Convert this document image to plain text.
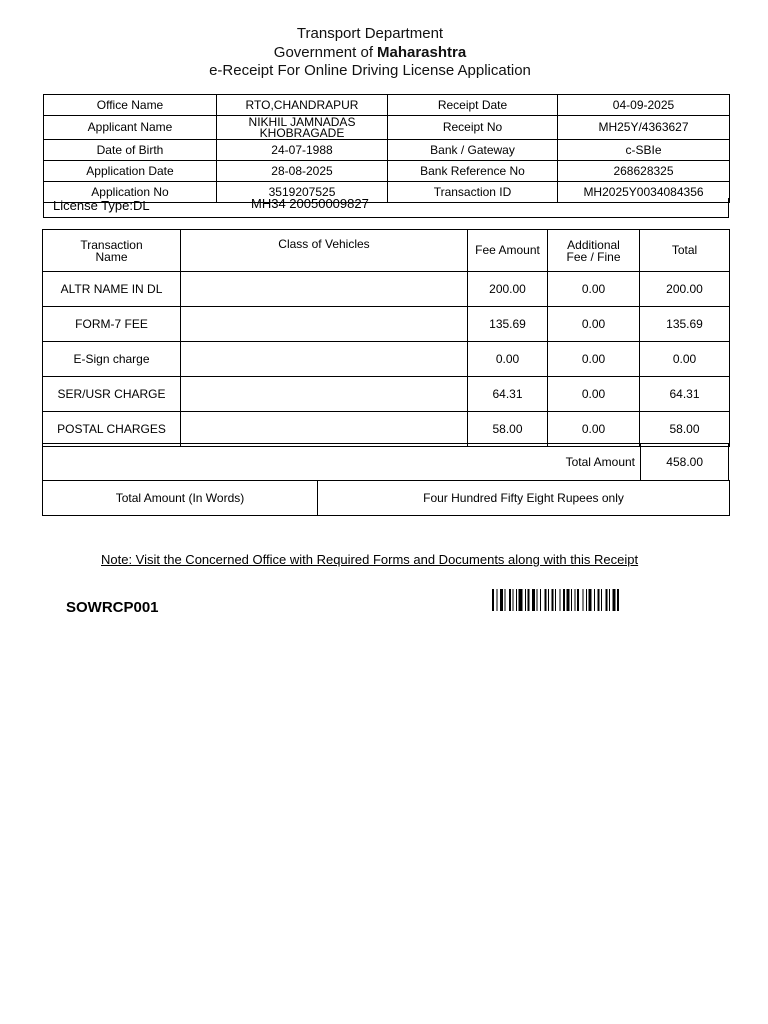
Transport Department
Government of Maharashtra
e-Receipt For Online Driving License Application
Office Name	RTO,CHANDRAPUR	Receipt Date	04-09-2025
Applicant Name	NIKHIL JAMNADAS KHOBRAGADE	Receipt No	MH25Y/4363627
Date of Birth	24-07-1988	Bank / Gateway	c-SBIe
Application Date	28-08-2025	Bank Reference No	268628325
Application No	3519207525	Transaction ID	MH2025Y0034084356
License Type:DL	MH34 20050009827
Transaction Name	Class of Vehicles	Fee Amount	Additional Fee / Fine	Total
ALTR NAME IN DL		200.00	0.00	200.00
FORM-7 FEE		135.69	0.00	135.69
E-Sign charge		0.00	0.00	0.00
SER/USR CHARGE		64.31	0.00	64.31
POSTAL CHARGES		58.00	0.00	58.00
Total Amount	458.00
Total Amount (In Words)	Four Hundred Fifty Eight Rupees only
Note: Visit the Concerned Office with Required Forms and Documents along with this Receipt
SOWRCP001
